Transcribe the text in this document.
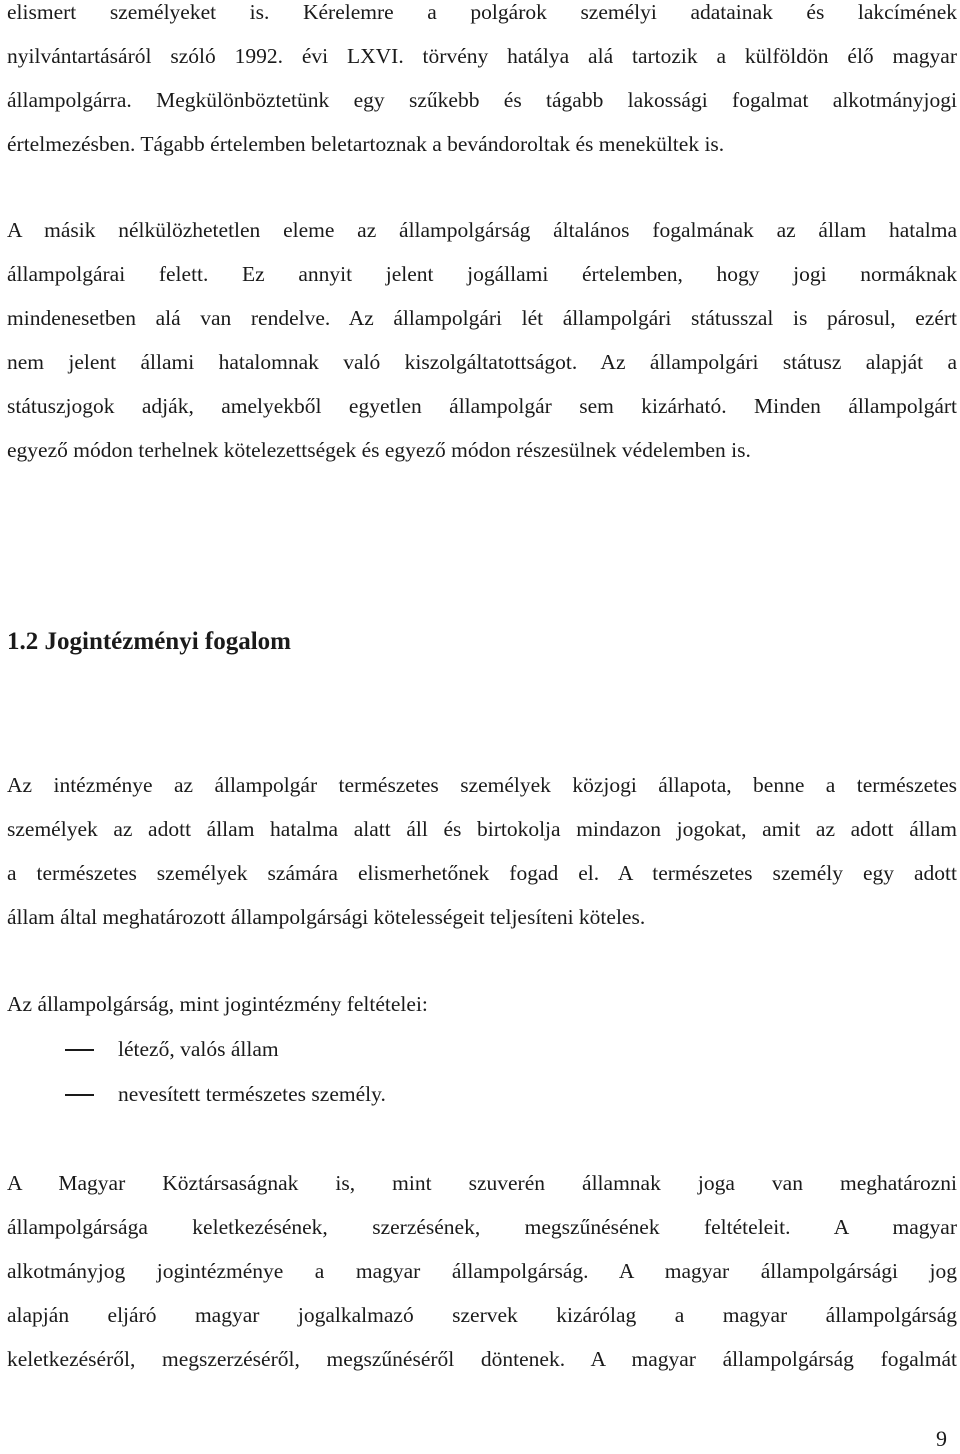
elismert személyeket is. Kérelemre a polgárok személyi adatainak és lakcímének
nyilvántartásáról szóló 1992. évi LXVI. törvény hatálya alá tartozik a külföldön élő magyar
állampolgárra. Megkülönböztetünk egy szűkebb és tágabb lakossági fogalmat alkotmányjogi
értelmezésben. Tágabb értelemben beletartoznak a bevándoroltak és menekültek is.
A másik nélkülözhetetlen eleme az állampolgárság általános fogalmának az állam hatalma
állampolgárai felett. Ez annyit jelent jogállami értelemben, hogy jogi normáknak
mindenesetben alá van rendelve. Az állampolgári lét állampolgári státusszal is párosul, ezért
nem jelent állami hatalomnak való kiszolgáltatottságot. Az állampolgári státusz alapját a
státuszjogok adják, amelyekből egyetlen állampolgár sem kizárható. Minden állampolgárt
egyező módon terhelnek kötelezettségek és egyező módon részesülnek védelemben is.
1.2 Jogintézményi fogalom
Az intézménye az állampolgár természetes személyek közjogi állapota, benne a természetes
személyek az adott állam hatalma alatt áll és birtokolja mindazon jogokat, amit az adott állam
a természetes személyek számára elismerhetőnek fogad el. A természetes személy egy adott
állam által meghatározott állampolgársági kötelességeit teljesíteni köteles.
Az állampolgárság, mint jogintézmény feltételei:
létező, valós állam
nevesített természetes személy.
A Magyar Köztársaságnak is, mint szuverén államnak joga van meghatározni
állampolgársága keletkezésének, szerzésének, megszűnésének feltételeit. A magyar
alkotmányjog jogintézménye a magyar állampolgárság. A magyar állampolgársági jog
alapján eljáró magyar jogalkalmazó szervek kizárólag a magyar állampolgárság
keletkezéséről, megszerzéséről, megszűnéséről döntenek. A magyar állampolgárság fogalmát
9
